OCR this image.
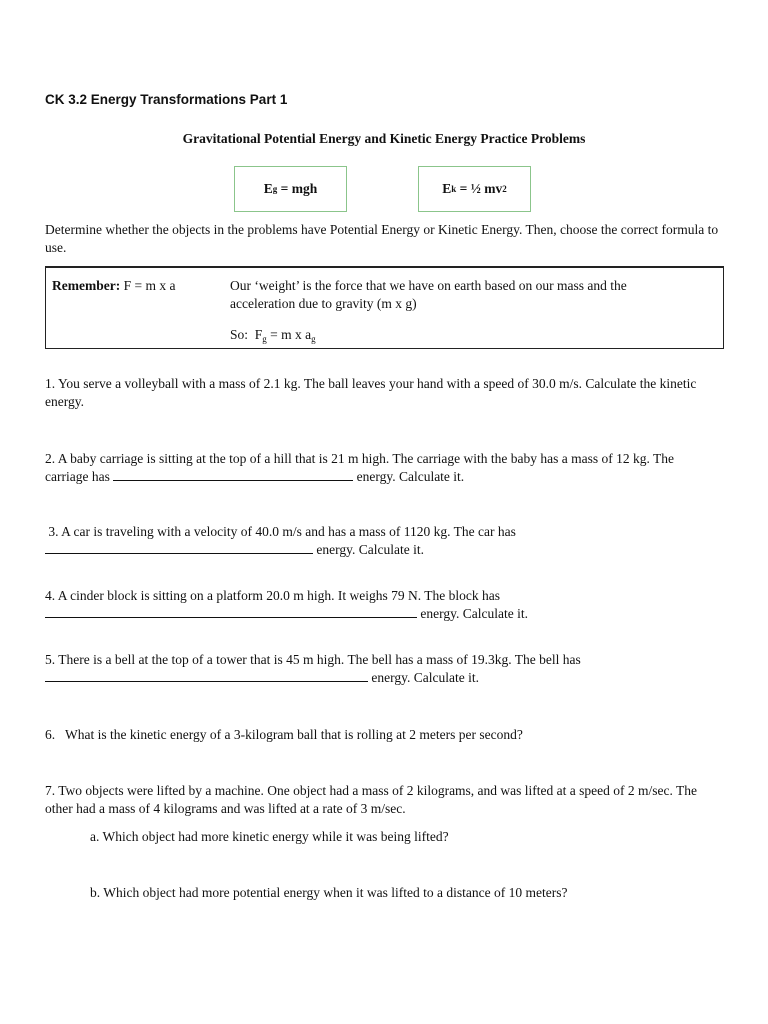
CK 3.2 Energy Transformations Part 1
Gravitational Potential Energy and Kinetic Energy Practice Problems
E g = mgh	E k = ½ mv 2
Determine whether the objects in the problems have Potential Energy or Kinetic Energy. Then, choose the correct formula to use.
Remember: F = m x a	Our ‘weight’ is the force that we have on earth based on our mass and the acceleration due to gravity (m x g)
So:  $F_g = m$ x $a_g$
1. You serve a volleyball with a mass of 2.1 kg. The ball leaves your hand with a speed of 30.0 m/s. Calculate the kinetic energy.
2. A baby carriage is sitting at the top of a hill that is 21 m high. The carriage with the baby has a mass of 12 kg. The carriage has	energy. Calculate it.
3. A car is traveling with a velocity of 40.0 m/s and has a mass of 1120 kg. The car has
energy. Calculate it.
4. A cinder block is sitting on a platform 20.0 m high. It weighs 79 N. The block has
energy. Calculate it.
5. There is a bell at the top of a tower that is 45 m high. The bell has a mass of 19.3kg. The bell has
energy. Calculate it.
6.   What is the kinetic energy of a 3-kilogram ball that is rolling at 2 meters per second?
7. Two objects were lifted by a machine. One object had a mass of 2 kilograms, and was lifted at a speed of 2 m/sec. The other had a mass of 4 kilograms and was lifted at a rate of 3 m/sec.
a. Which object had more kinetic energy while it was being lifted?
b. Which object had more potential energy when it was lifted to a distance of 10 meters?
